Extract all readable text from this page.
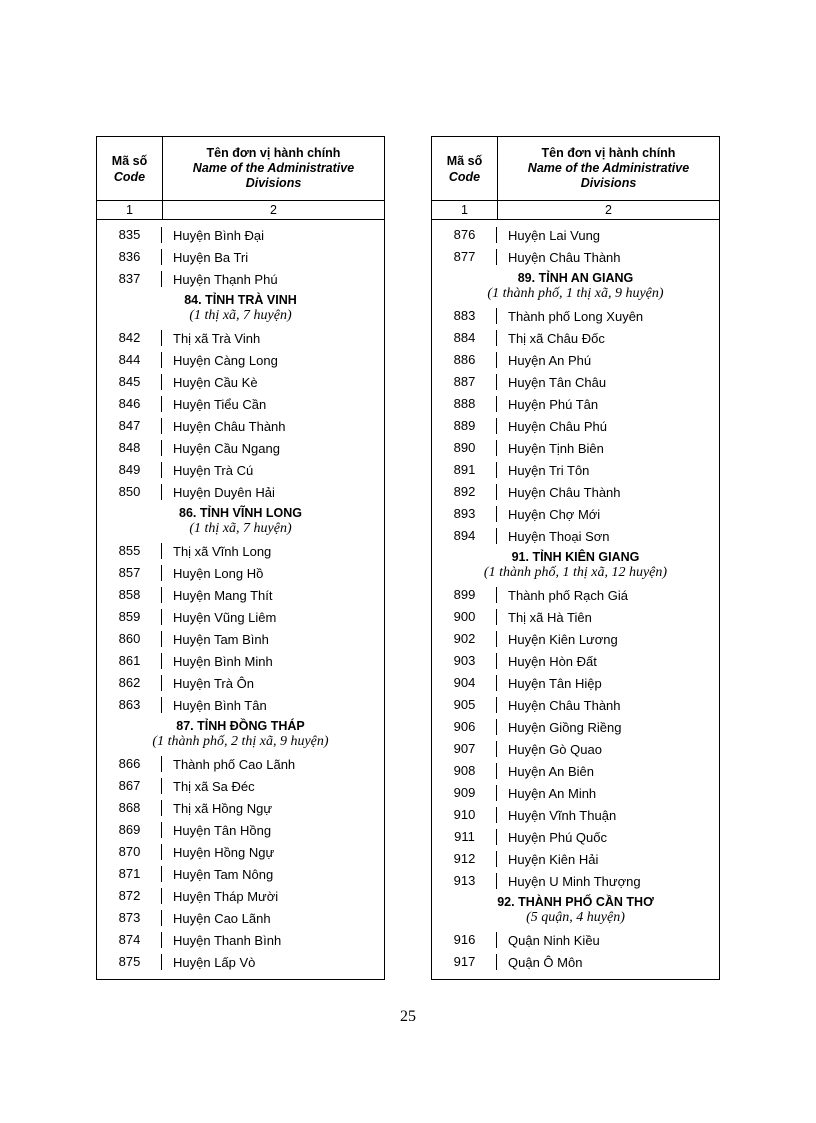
Mã số
Code
Tên đơn vị hành chính
Name of the Administrative
Divisions
1	2
835	Huyện Bình Đại
836	Huyện Ba Tri
837	Huyện Thạnh Phú
84. TỈNH TRÀ VINH
(1 thị xã, 7 huyện)
842	Thị xã Trà Vinh
844	Huyện Càng Long
845	Huyện Cầu Kè
846	Huyện Tiểu Cần
847	Huyện Châu Thành
848	Huyện Cầu Ngang
849	Huyện Trà Cú
850	Huyện Duyên Hải
86. TỈNH VĨNH LONG
(1 thị xã, 7 huyện)
855	Thị xã Vĩnh Long
857	Huyện Long Hồ
858	Huyện Mang Thít
859	Huyện Vũng Liêm
860	Huyện Tam Bình
861	Huyện Bình Minh
862	Huyện Trà Ôn
863	Huyện Bình Tân
87. TỈNH ĐỒNG THÁP
(1 thành phố, 2 thị xã, 9 huyện)
866	Thành phố Cao Lãnh
867	Thị xã Sa Đéc
868	Thị xã Hồng Ngự
869	Huyện Tân Hồng
870	Huyện Hồng Ngự
871	Huyện Tam Nông
872	Huyện Tháp Mười
873	Huyện Cao Lãnh
874	Huyện Thanh Bình
875	Huyện Lấp Vò
Mã số
Code
Tên đơn vị hành chính
Name of the Administrative
Divisions
1	2
876	Huyện Lai Vung
877	Huyện Châu Thành
89. TỈNH AN GIANG
(1 thành phố, 1 thị xã, 9 huyện)
883	Thành phố Long Xuyên
884	Thị xã Châu Đốc
886	Huyện An Phú
887	Huyện Tân Châu
888	Huyện Phú Tân
889	Huyện Châu Phú
890	Huyện Tịnh Biên
891	Huyện Tri Tôn
892	Huyện Châu Thành
893	Huyện Chợ Mới
894	Huyện Thoại Sơn
91. TỈNH KIÊN GIANG
(1 thành phố, 1 thị xã, 12 huyện)
899	Thành phố Rạch Giá
900	Thị xã Hà Tiên
902	Huyện Kiên Lương
903	Huyện Hòn Đất
904	Huyện Tân Hiệp
905	Huyện Châu Thành
906	Huyện Giồng Riềng
907	Huyện Gò Quao
908	Huyện An Biên
909	Huyện An Minh
910	Huyện Vĩnh Thuận
911	Huyện Phú Quốc
912	Huyện Kiên Hải
913	Huyện U Minh Thượng
92. THÀNH PHỐ CẦN THƠ
(5 quận, 4 huyện)
916	Quận Ninh Kiều
917	Quận Ô Môn
25
